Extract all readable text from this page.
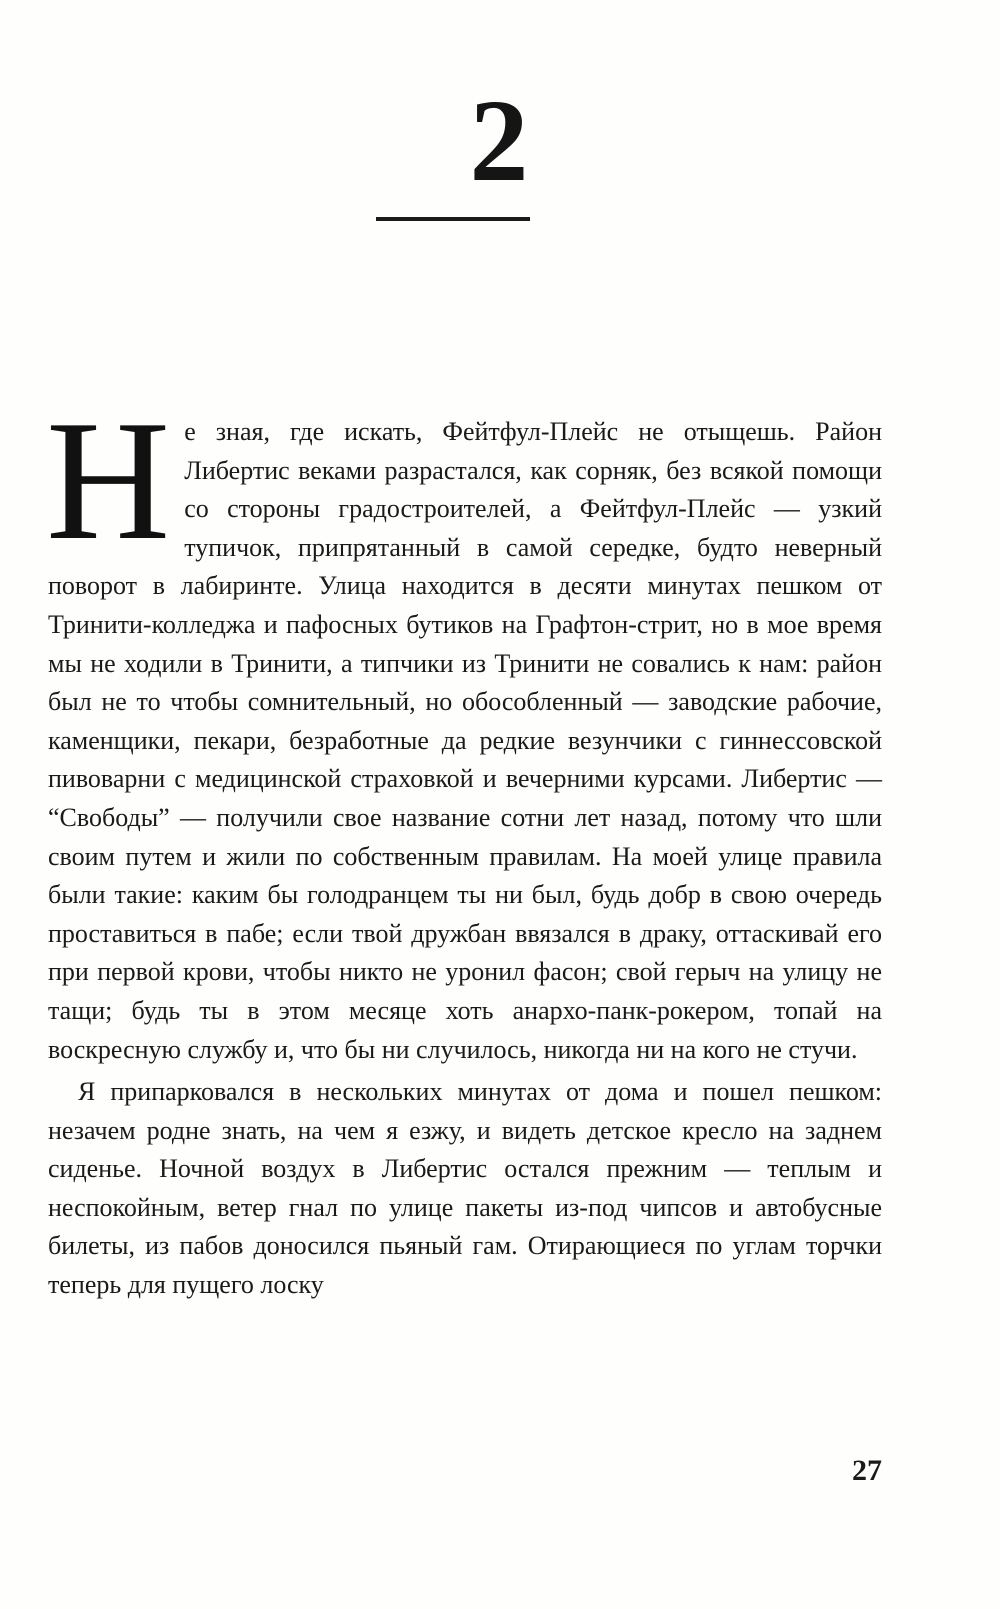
2

Не зная, где искать, Фейтфул-Плейс не отыщешь. Район Либертис веками разрастался, как сорняк, без всякой помощи со стороны градостроителей, а Фейтфул-Плейс — узкий тупичок, припрятанный в самой середке, будто неверный поворот в лабиринте. Улица находится в десяти минутах пешком от Тринити-колледжа и пафосных бутиков на Графтон-стрит, но в мое время мы не ходили в Тринити, а типчики из Тринити не совались к нам: район был не то чтобы сомнительный, но обособленный — заводские рабочие, каменщики, пекари, безработные да редкие везунчики с гиннессовской пивоварни с медицинской страховкой и вечерними курсами. Либертис — “Свободы” — получили свое название сотни лет назад, потому что шли своим путем и жили по собственным правилам. На моей улице правила были такие: каким бы голодранцем ты ни был, будь добр в свою очередь проставиться в пабе; если твой дружбан ввязался в драку, оттаскивай его при первой крови, чтобы никто не уронил фасон; свой герыч на улицу не тащи; будь ты в этом месяце хоть анархо-панк-рокером, топай на воскресную службу и, что бы ни случилось, никогда ни на кого не стучи.

Я припарковался в нескольких минутах от дома и пошел пешком: незачем родне знать, на чем я езжу, и видеть детское кресло на заднем сиденье. Ночной воздух в Либертис остался прежним — теплым и неспокойным, ветер гнал по улице пакеты из-под чипсов и автобусные билеты, из пабов доносился пьяный гам. Отирающиеся по углам торчки теперь для пущего лоску

27
